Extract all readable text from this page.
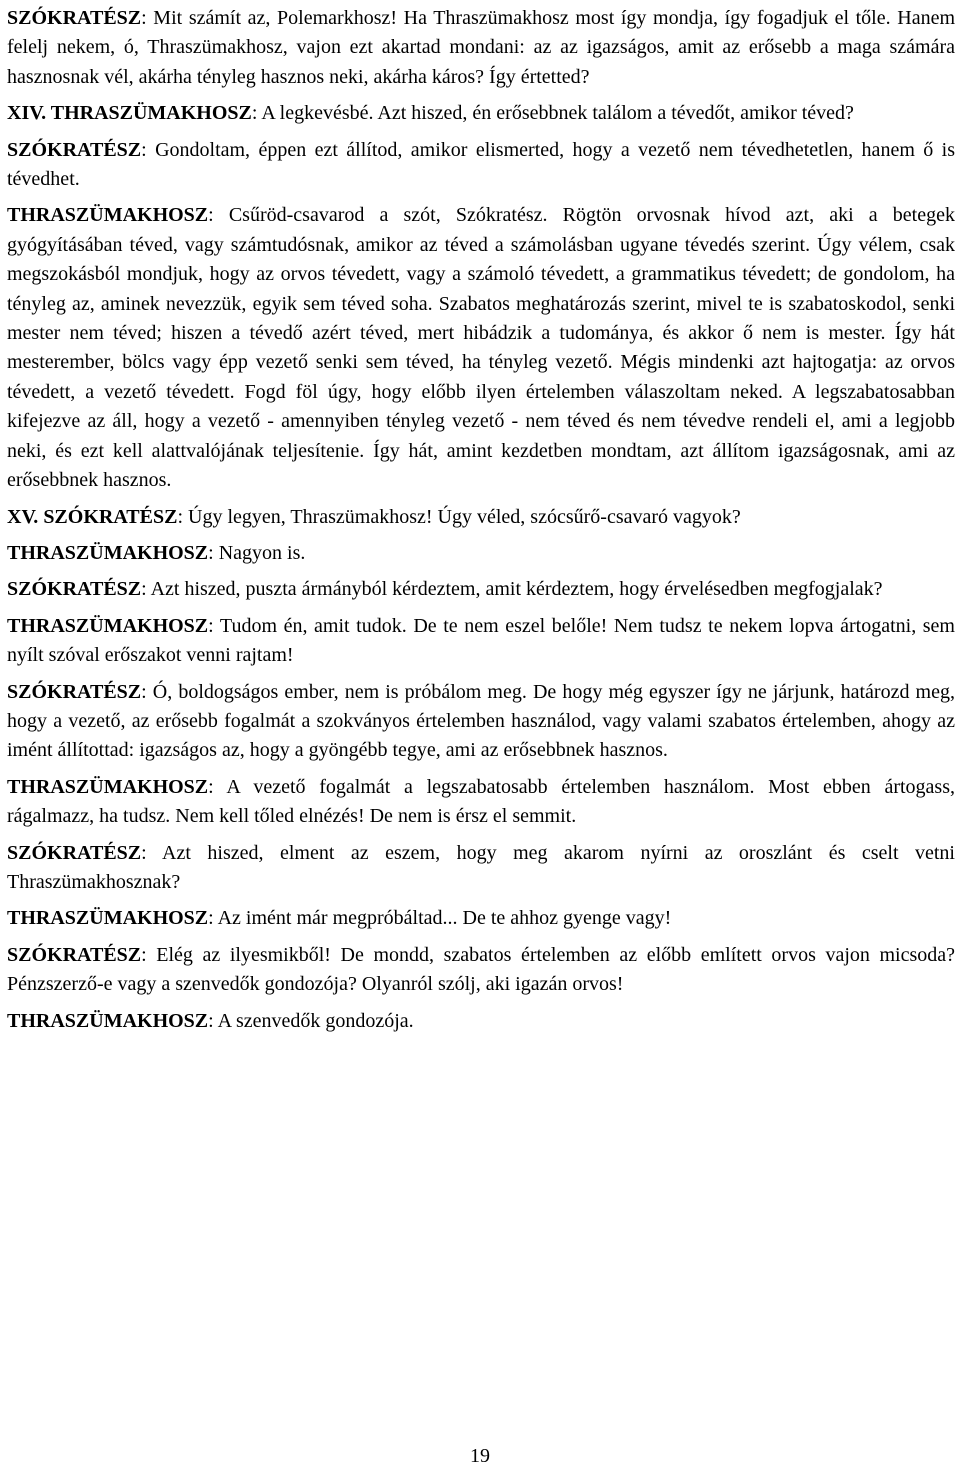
SZÓKRATÉSZ: Mit számít az, Polemarkhosz! Ha Thraszümakhosz most így mondja, így fogadjuk el tőle. Hanem felelj nekem, ó, Thraszümakhosz, vajon ezt akartad mondani: az az igazságos, amit az erősebb a maga számára hasznosnak vél, akárha tényleg hasznos neki, akárha káros? Így értetted?

XIV. THRASZÜMAKHOSZ: A legkevésbé. Azt hiszed, én erősebbnek találom a tévedőt, amikor téved?

SZÓKRATÉSZ: Gondoltam, éppen ezt állítod, amikor elismerted, hogy a vezető nem tévedhetetlen, hanem ő is tévedhet.

THRASZÜMAKHOSZ: Csűröd-csavarod a szót, Szókratész. Rögtön orvosnak hívod azt, aki a betegek gyógyításában téved, vagy számtudósnak, amikor az téved a számolásban ugyane tévedés szerint. Úgy vélem, csak megszokásból mondjuk, hogy az orvos tévedett, vagy a számoló tévedett, a grammatikus tévedett; de gondolom, ha tényleg az, aminek nevezzük, egyik sem téved soha. Szabatos meghatározás szerint, mivel te is szabatoskodol, senki mester nem téved; hiszen a tévedő azért téved, mert hibádzik a tudománya, és akkor ő nem is mester. Így hát mesterember, bölcs vagy épp vezető senki sem téved, ha tényleg vezető. Mégis mindenki azt hajtogatja: az orvos tévedett, a vezető tévedett. Fogd föl úgy, hogy előbb ilyen értelemben válaszoltam neked. A legszabatosabban kifejezve az áll, hogy a vezető - amennyiben tényleg vezető - nem téved és nem tévedve rendeli el, ami a legjobb neki, és ezt kell alattvalójának teljesítenie. Így hát, amint kezdetben mondtam, azt állítom igazságosnak, ami az erősebbnek hasznos.

XV. SZÓKRATÉSZ: Úgy legyen, Thraszümakhosz! Úgy véled, szócsűrő-csavaró vagyok?

THRASZÜMAKHOSZ: Nagyon is.

SZÓKRATÉSZ: Azt hiszed, puszta ármányból kérdeztem, amit kérdeztem, hogy érvelésedben megfogjalak?

THRASZÜMAKHOSZ: Tudom én, amit tudok. De te nem eszel belőle! Nem tudsz te nekem lopva ártogatni, sem nyílt szóval erőszakot venni rajtam!

SZÓKRATÉSZ: Ó, boldogságos ember, nem is próbálom meg. De hogy még egyszer így ne járjunk, határozd meg, hogy a vezető, az erősebb fogalmát a szokványos értelemben használod, vagy valami szabatos értelemben, ahogy az imént állítottad: igazságos az, hogy a gyöngébb tegye, ami az erősebbnek hasznos.

THRASZÜMAKHOSZ: A vezető fogalmát a legszabatosabb értelemben használom. Most ebben ártogass, rágalmazz, ha tudsz. Nem kell tőled elnézés! De nem is érsz el semmit.

SZÓKRATÉSZ: Azt hiszed, elment az eszem, hogy meg akarom nyírni az oroszlánt és cselt vetni Thraszümakhosznak?

THRASZÜMAKHOSZ: Az imént már megpróbáltad... De te ahhoz gyenge vagy!

SZÓKRATÉSZ: Elég az ilyesmikből! De mondd, szabatos értelemben az előbb említett orvos vajon micsoda? Pénzszerző-e vagy a szenvedők gondozója? Olyanról szólj, aki igazán orvos!

THRASZÜMAKHOSZ: A szenvedők gondozója.

19
